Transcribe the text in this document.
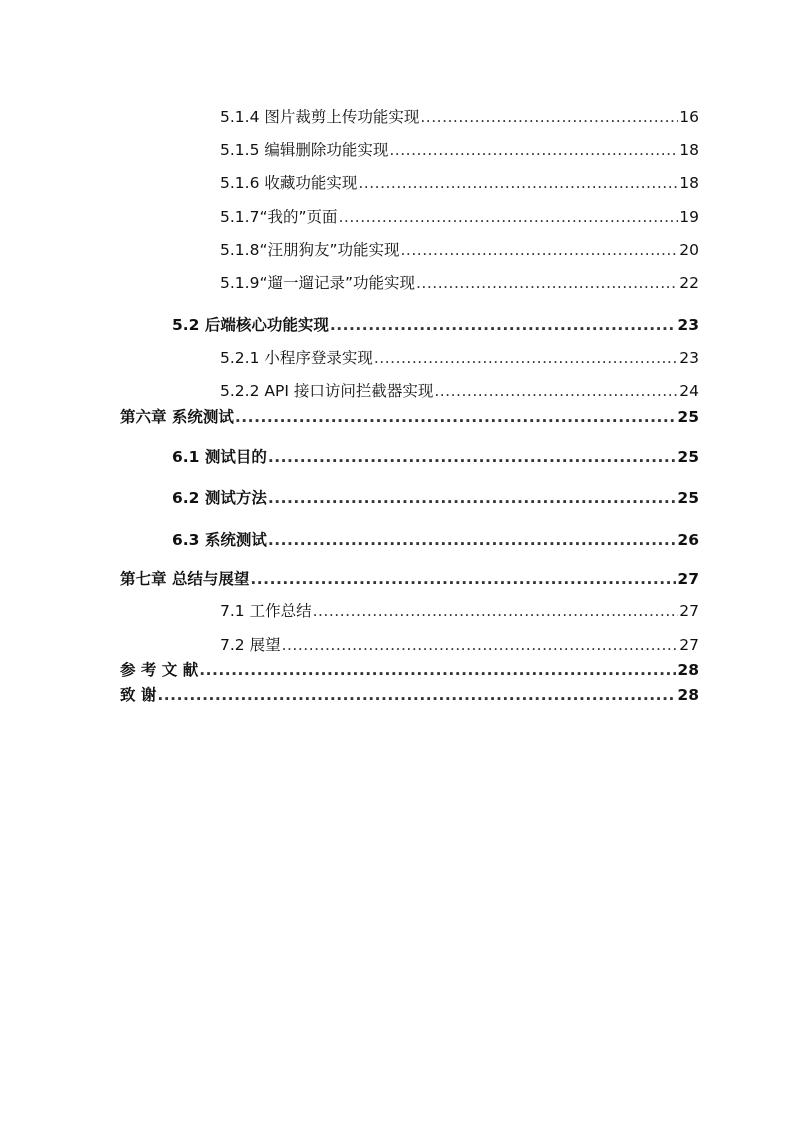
5.1.4 图片裁剪上传功能实现 .....	16
5.1.5 编辑删除功能实现 .....	18
5.1.6 收藏功能实现 .....	18
5.1.7“我的”页面 .....	19
5.1.8“汪朋狗友”功能实现 .....	20
5.1.9“遛一遛记录”功能实现 .....	22
5.2 后端核心功能实现 .....	23
5.2.1 小程序登录实现 .....	23
5.2.2 API 接口访问拦截器实现 .....	24
第六章 系统测试 .....	25
6.1 测试目的 .....	25
6.2 测试方法 .....	25
6.3 系统测试 .....	26
第七章 总结与展望 .....	27
7.1 工作总结 .....	27
7.2 展望 .....	27
参 考 文 献 .....	28
致 谢 .....	28
